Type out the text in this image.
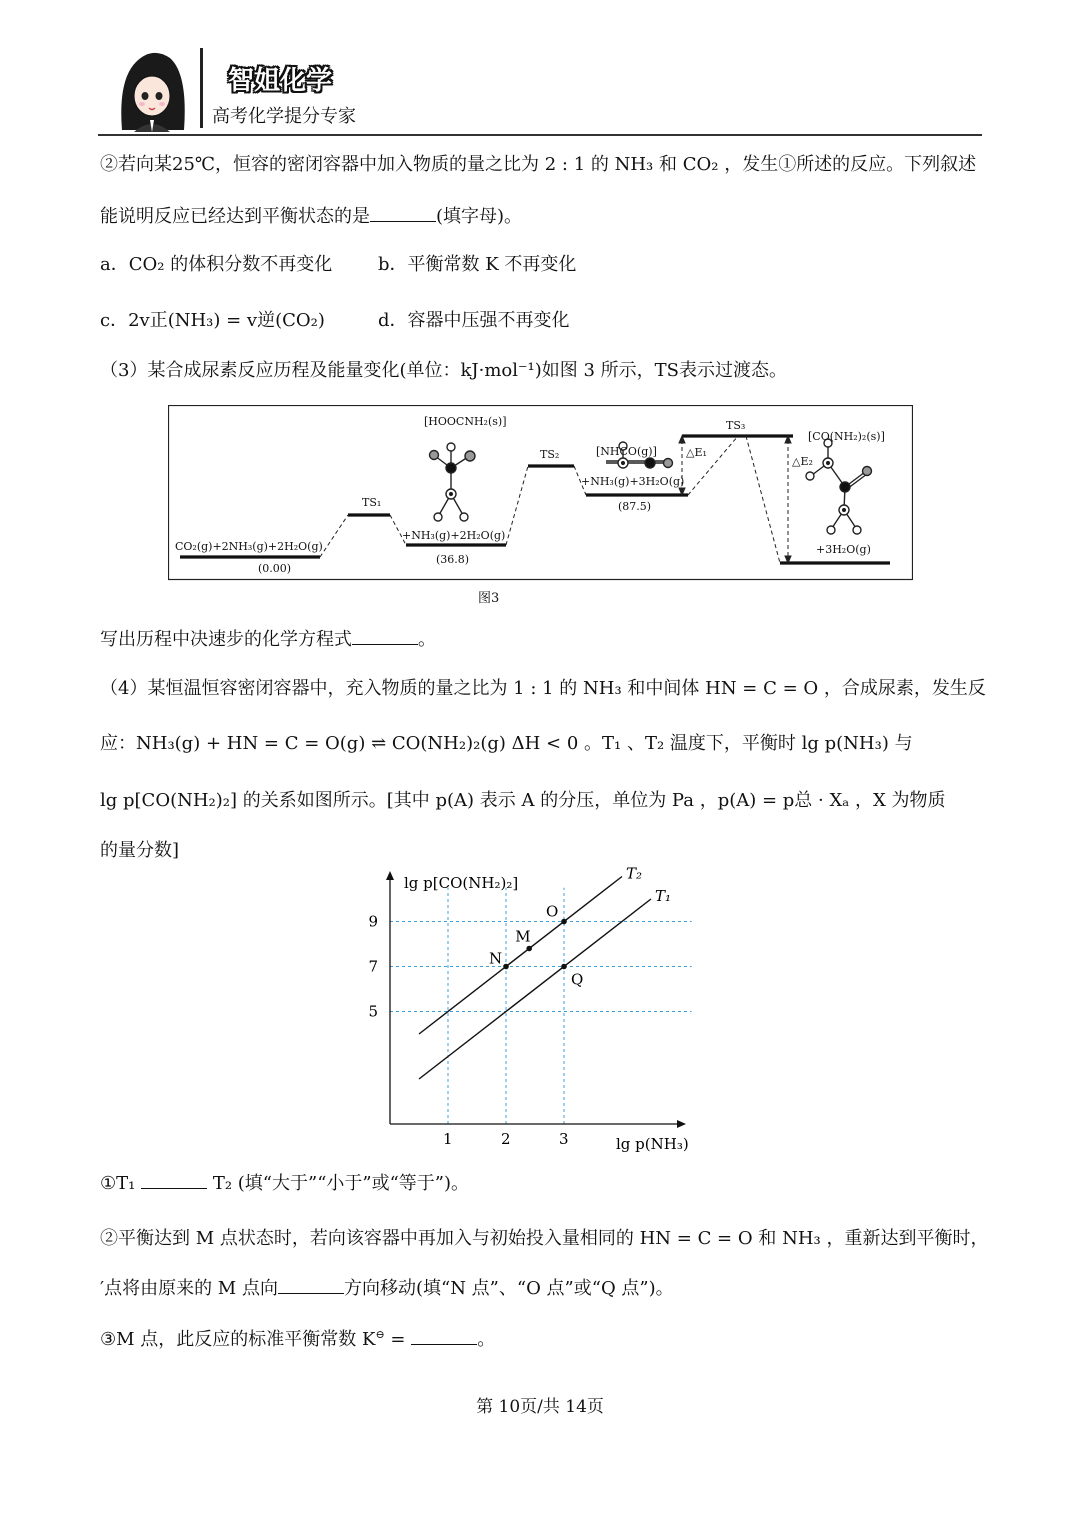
智姐化学
高考化学提分专家
②若向某25℃，恒容的密闭容器中加入物质的量之比为 2 : 1 的 NH₃ 和 CO₂ ，发生①所述的反应。下列叙述
能说明反应已经达到平衡状态的是	(填字母)。
a．CO₂ 的体积分数不再变化	b．平衡常数 K 不再变化
c．2v正(NH₃) = v逆(CO₂)	d．容器中压强不再变化
（3）某合成尿素反应历程及能量变化(单位：kJ·mol⁻¹)如图 3 所示，TS表示过渡态。
CO₂(g)+2NH₃(g)+2H₂O(g)
(0.00)
TS₁
[HOOCNH₂(s)]
+NH₃(g)+2H₂O(g)
(36.8)
TS₂	[NHCO(g)]
+NH₃(g)+3H₂O(g)
(87.5)
△E₁
TS₃
[CO(NH₂)₂(s)]
△E₂
+3H₂O(g)
图3
写出历程中决速步的化学方程式	。
（4）某恒温恒容密闭容器中，充入物质的量之比为 1 : 1 的 NH₃ 和中间体 HN = C = O ，合成尿素，发生反
应：NH₃(g) + HN = C = O(g) ⇌ CO(NH₂)₂(g) ΔH < 0 。T₁ 、T₂ 温度下，平衡时 lg p(NH₃) 与
lg p[CO(NH₂)₂] 的关系如图所示。[其中 p(A) 表示 A 的分压，单位为 Pa ，p(A) = p总 · Xₐ ，X 为物质
的量分数]
T₂
T₁
O
M
N
Q
lg p[CO(NH₂)₂]
lg p(NH₃)
1	2	3
5
7
9
①T₁	T₂ (填“大于”“小于”或“等于”)。
②平衡达到 M 点状态时，若向该容器中再加入与初始投入量相同的 HN = C = O 和 NH₃ ，重新达到平衡时，
′点将由原来的 M 点向	方向移动(填“N 点”、“O 点”或“Q 点”)。
③M 点，此反应的标准平衡常数 K⊖ =	。
第 10页/共 14页
